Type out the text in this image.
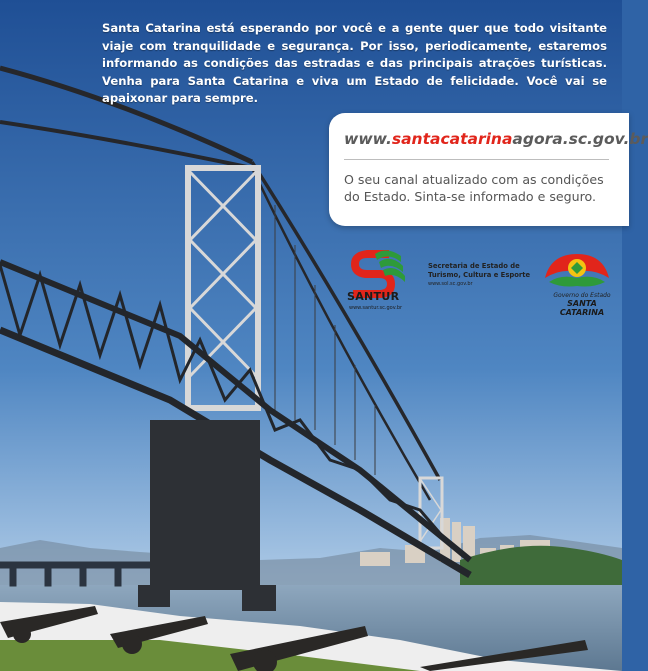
Santa Catarina está esperando por você e a gente quer que todo visitante viaje com tranquilidade e segurança. Por isso, periodicamente, estaremos informando as condições das estradas e das principais atrações turísticas. Venha para Santa Catarina e viva um Estado de felicidade. Você vai se apaixonar para sempre.
www.santacatarinaagora.sc.gov.br
O seu canal atualizado com as condições do Estado. Sinta-se informado e seguro.
SANTUR
www.santur.sc.gov.br
Secretaria de Estado de
Turismo, Cultura e Esporte
www.sol.sc.gov.br
Governo do Estado
SANTA CATARINA
